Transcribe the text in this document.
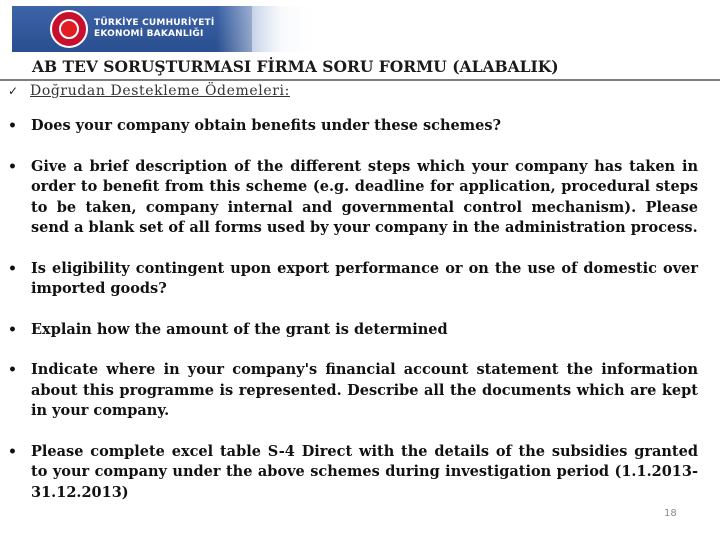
TÜRKİYE CUMHURİYETİ
EKONOMİ BAKANLIĞI
AB TEV SORUŞTURMASI FİRMA SORU FORMU (ALABALIK)
✓ Doğrudan Destekleme Ödemeleri:
• Does your company obtain benefits under these schemes?
• Give a brief description of the different steps which your company has taken in order to benefit from this scheme (e.g. deadline for application, procedural steps to be taken, company internal and governmental control mechanism). Please send a blank set of all forms used by your company in the administration process.
• Is eligibility contingent upon export performance or on the use of domestic over imported goods?
• Explain how the amount of the grant is determined
• Indicate where in your company's financial account statement the information about this programme is represented. Describe all the documents which are kept in your company.
• Please complete excel table S-4 Direct with the details of the subsidies granted to your company under the above schemes during investigation period (1.1.2013-31.12.2013)
18
